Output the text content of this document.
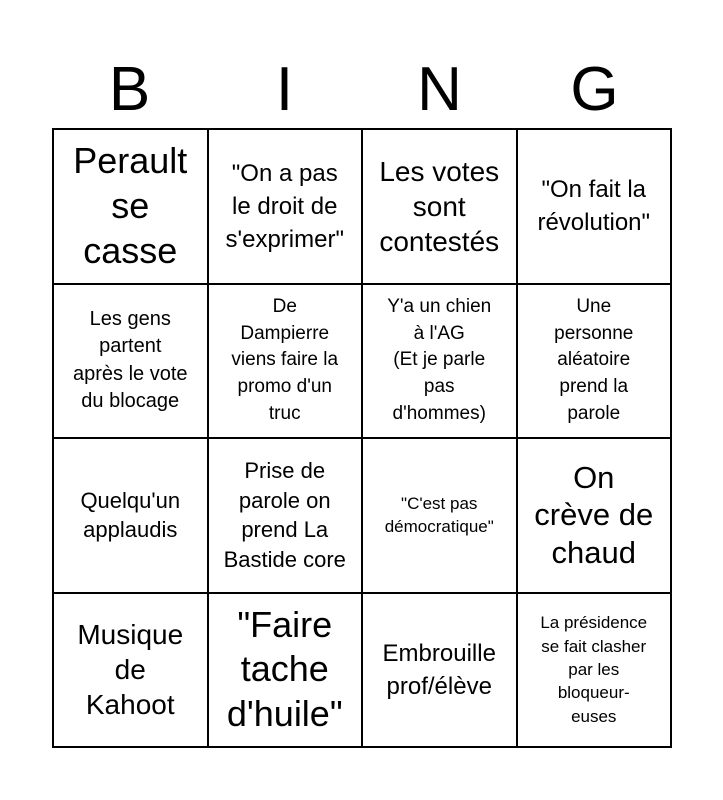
B	I	N	G
Perault
se
casse
"On a pas
le droit de
s'exprimer"
Les votes
sont
contestés
"On fait la
révolution"
Les gens
partent
après le vote
du blocage
De
Dampierre
viens faire la
promo d'un
truc
Y'a un chien
à l'AG
(Et je parle
pas
d'hommes)
Une
personne
aléatoire
prend la
parole
Quelqu'un
applaudis
Prise de
parole on
prend La
Bastide core
"C'est pas
démocratique"
On
crève de
chaud
Musique
de
Kahoot
"Faire
tache
d'huile"
Embrouille
prof/élève
La présidence
se fait clasher
par les
bloqueur-
euses
